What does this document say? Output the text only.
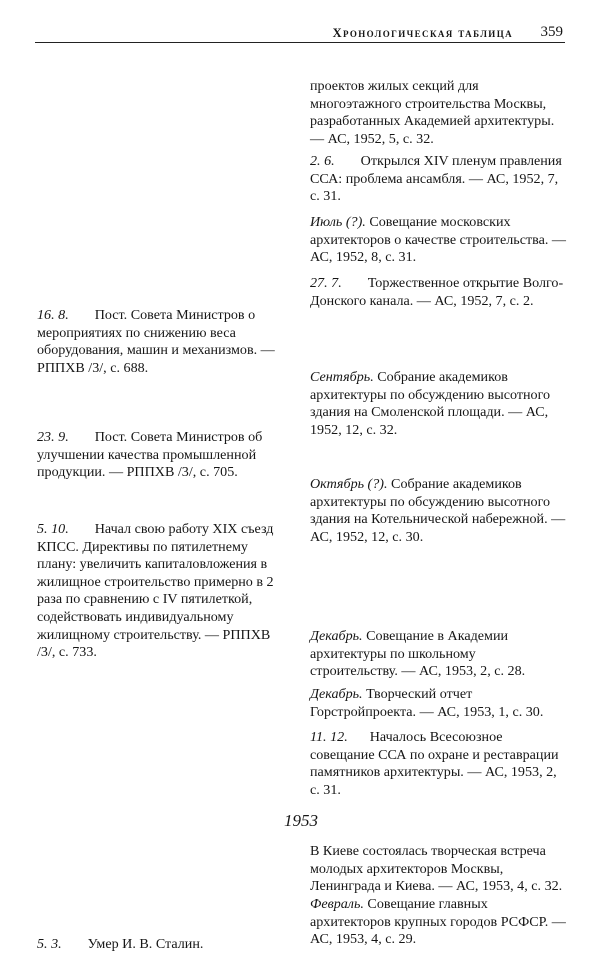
Хронологическая таблица 359

16. 8. Пост. Совета Министров о мероприятиях по снижению веса оборудования, машин и механизмов. — РППХВ /3/, с. 688.

23. 9. Пост. Совета Министров об улучшении качества промышленной продукции. — РППХВ /3/, с. 705.

5. 10. Начал свою работу XIX съезд КПСС. Директивы по пятилетнему плану: увеличить капиталовложения в жилищное строительство примерно в 2 раза по сравнению с IV пятилеткой, содействовать индивидуальному жилищному строительству. — РППХВ /3/, с. 733.

5. 3. Умер И. В. Сталин.

проектов жилых секций для многоэтажного строительства Москвы, разработанных Академией архитектуры. — АС, 1952, 5, с. 32.

2. 6. Открылся XIV пленум правления ССА: проблема ансамбля. — АС, 1952, 7, с. 31.

Июль (?). Совещание московских архитекторов о качестве строительства. — АС, 1952, 8, с. 31.

27. 7. Торжественное открытие Волго-Донского канала. — АС, 1952, 7, с. 2.

Сентябрь. Собрание академиков архитектуры по обсуждению высотного здания на Смоленской площади. — АС, 1952, 12, с. 32.

Октябрь (?). Собрание академиков архитектуры по обсуждению высотного здания на Котельнической набережной. — АС, 1952, 12, с. 30.

Декабрь. Совещание в Академии архитектуры по школьному строительству. — АС, 1953, 2, с. 28.

Декабрь. Творческий отчет Горстройпроекта. — АС, 1953, 1, с. 30.

11. 12. Началось Всесоюзное совещание ССА по охране и реставрации памятников архитектуры. — АС, 1953, 2, с. 31.

1953

В Киеве состоялась творческая встреча молодых архитекторов Москвы, Ленинграда и Киева. — АС, 1953, 4, с. 32.

Февраль. Совещание главных архитекторов крупных городов РСФСР. — АС, 1953, 4, с. 29.
